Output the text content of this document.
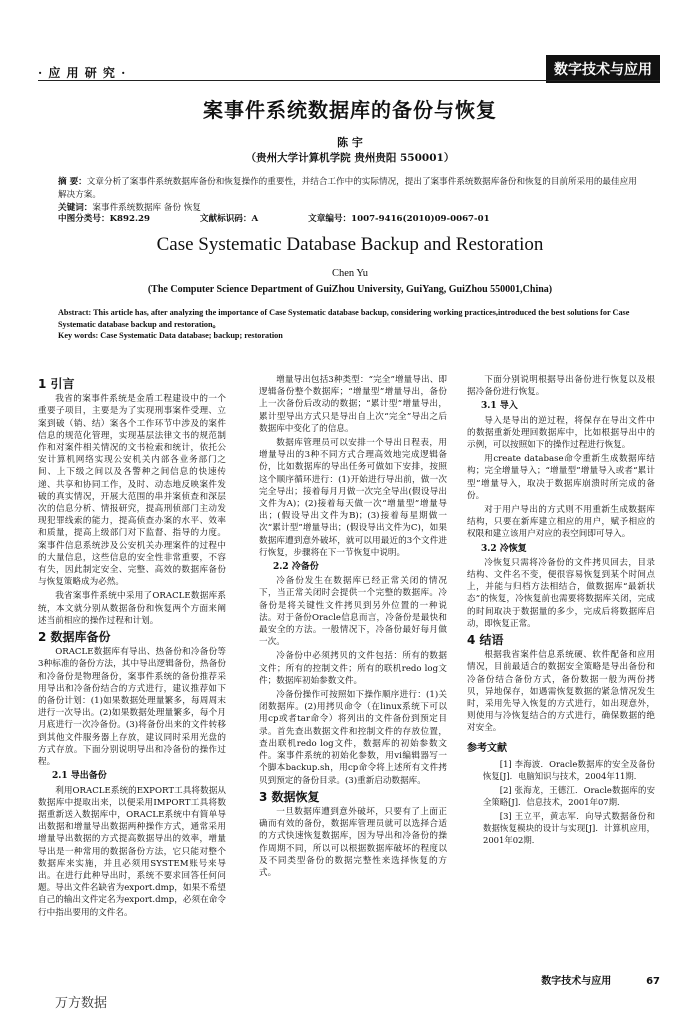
· 应 用 研 究 ·	数字技术与应用
案事件系统数据库的备份与恢复
陈 宇
（贵州大学计算机学院 贵州贵阳 550001）
摘 要：文章分析了案事件系统数据库备份和恢复操作的重要性，并结合工作中的实际情况，提出了案事件系统数据库备份和恢复的目前所采用的最佳应用解决方案。
关键词：案事件系统数据库 备份 恢复
中图分类号：K892.29	文献标识码：A	文章编号：1007-9416(2010)09-0067-01
Case Systematic Database Backup and Restoration
Chen Yu
(The Computer Science Department of GuiZhou University, GuiYang, GuiZhou 550001,China)
Abstract: This article has, after analyzing the importance of Case Systematic database backup, considering working practices,introduced the best solutions for Case Systematic database backup and restoration。
Key words: Case Systematic Data database; backup; restoration
1 引言

我省的案事件系统是金盾工程建设中的一个重要子项目，主要是为了实现刑事案件受理、立案到破（销、结）案各个工作环节中涉及的案件信息的规范化管理，实现基层法律文书的规范制作和对案件相关情况的文书检索和统计，依托公安计算机网络实现公安机关内部各业务部门之间、上下级之间以及各警种之间信息的快速传递、共享和协同工作，及时、动态地反映案件发破的真实情况，开展大范围的串并案侦查和深层次的信息分析、情报研究，提高刑侦部门主动发现犯罪线索的能力，提高侦查办案的水平、效率和质量，提高上级部门对下监督、指导的力度。案事件信息系统涉及公安机关办理案件的过程中的大量信息，这些信息的安全性非常重要，不容有失，因此制定安全、完整、高效的数据库备份与恢复策略成为必然。

我省案事件系统中采用了ORACLE数据库系统，本文就分别从数据备份和恢复两个方面来阐述当前相应的操作过程和计划。

2 数据库备份

ORACLE数据库有导出、热备份和冷备份等3种标准的备份方法，其中导出逻辑备份，热备份和冷备份是物理备份，案事件系统的备份推荐采用导出和冷备份结合的方式进行，建议推荐如下的备份计划：(1)如果数据处理量繁多，每周周末进行一次导出。(2)如果数据处理量繁多，每个月月底进行一次冷备份。(3)将备份出来的文件转移到其他文件服务器上存放，建议同时采用光盘的方式存放。下面分别说明导出和冷备份的操作过程。

2.1 导出备份

利用ORACLE系统的EXPORT工具将数据从数据库中提取出来，以便采用IMPORT工具将数据重新送入数据库中，ORACLE系统中有简单导出数据和增量导出数据两种操作方式，通常采用增量导出数据的方式提高数据导出的效率，增量导出是一种常用的数据备份方法，它只能对整个数据库来实施，并且必须用SYSTEM账号来导出。在进行此种导出时，系统不要求回答任何问题。导出文件名缺省为export.dmp，如果不希望自己的输出文件定名为export.dmp，必须在命令行中指出要用的文件名。

增量导出包括3种类型：“完全”增量导出、即逻辑备份整个数据库；“增量型”增量导出，备份上一次备份后改动的数据；“累计型”增量导出，累计型导出方式只是导出自上次“完全”导出之后数据库中变化了的信息。

数据库管理员可以安排一个导出日程表，用增量导出的3种不同方式合理高效地完成逻辑备份，比如数据库的导出任务可做如下安排，按照这个顺序循环进行：(1)开始进行导出前，做一次完全导出；接着每月月做一次完全导出(假设导出文件为A)；(2)接着每天做一次“增量型”增量导出；(假设导出文件为B)；(3)接着每星期做一次“累计型”增量导出；(假设导出文件为C)，如果数据库遭到意外破坏，就可以用最近的3个文件进行恢复，步骤将在下一节恢复中说明。

2.2 冷备份

冷备份发生在数据库已经正常关闭的情况下，当正常关闭时会提供一个完整的数据库。冷备份是将关键性文件拷贝到另外位置的一种说法。对于备份Oracle信息而言，冷备份是最快和最安全的方法。一般情况下，冷备份最好每月做一次。

冷备份中必须拷贝的文件包括：所有的数据文件；所有的控制文件；所有的联机redo log文件；数据库初始参数文件。

冷备份操作可按照如下操作顺序进行：(1)关闭数据库。(2)用拷贝命令（在linux系统下可以用cp或者tar命令）将列出的文件备份到预定目录。首先查出数据文件和控制文件的存放位置，查出联机redo log文件，数据库的初始参数文件。案事件系统的初始化参数，用vi编辑器写一个脚本backup.sh，用cp命令将上述所有文件拷贝到预定的备份目录。(3)重新启动数据库。

3 数据恢复

一旦数据库遭到意外破坏，只要有了上面正确而有效的备份，数据库管理员就可以选择合适的方式快速恢复数据库，因为导出和冷备份的操作周期不同，所以可以根据数据库破坏的程度以及不同类型备份的数据完整性来选择恢复的方式。

下面分别说明根据导出备份进行恢复以及根据冷备份进行恢复。

3.1 导入

导入是导出的逆过程，将保存在导出文件中的数据重新处理回数据库中，比如根据导出中的示例，可以按照如下的操作过程进行恢复。

用create database命令重新生成数据库结构；完全增量导入；“增量型”增量导入或者“累计型”增量导入，取决于数据库崩溃时所完成的备份。

对于用户导出的方式则不用重新生成数据库结构，只要在新库建立相应的用户，赋予相应的权限和建立该用户对应的表空间即可导入。

3.2 冷恢复

冷恢复只需将冷备份的文件拷贝回去，目录结构、文件名不变，便很容易恢复到某个时间点上，并能与归档方法相结合，做数据库“最新状态”的恢复，冷恢复前也需要将数据库关闭，完成的时间取决于数据量的多少，完成后将数据库启动，即恢复正常。

4 结语

根据我省案件信息系统硬、软件配备和应用情况，目前最适合的数据安全策略是导出备份和冷备份结合备份方式，备份数据一般为两份拷贝，异地保存，如遇需恢复数据的紧急情况发生时，采用先导入恢复的方式进行，如出现意外，则使用与冷恢复结合的方式进行，确保数据的绝对安全。

参考文献

[1] 李海波．Oracle数据库的安全及备份恢复[J]．电脑知识与技术，2004年11期．

[2] 张海龙，王德江．Oracle数据库的安全策略[J]．信息技术，2001年07期．

[3] 王立平，黄志军．向导式数据备份和数据恢复模块的设计与实现[J]．计算机应用，2001年02期．

万方数据
数字技术与应用	67
